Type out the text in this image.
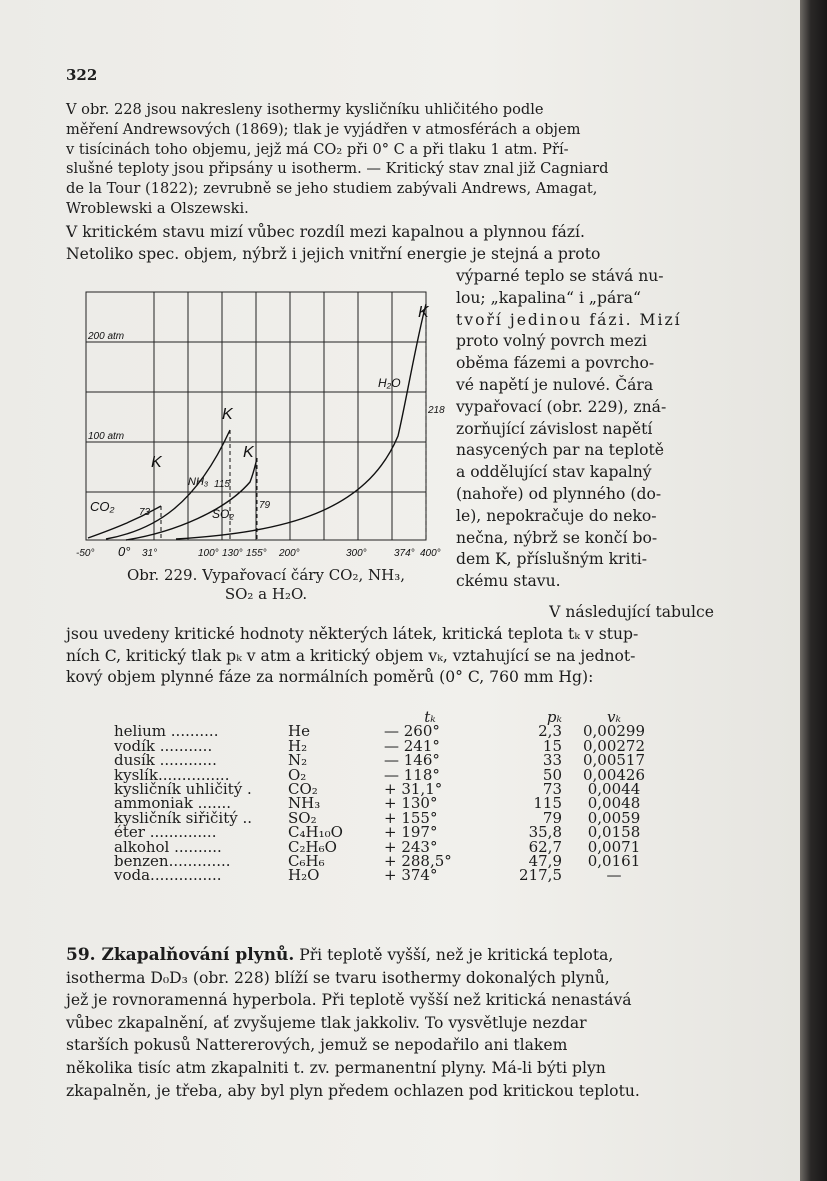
322
V obr. 228 jsou nakresleny isothermy kysličníku uhličitého podle
měření Andrewsových (1869); tlak je vyjádřen v atmosférách a objem
v tisícinách toho objemu, jejž má CO₂ při 0° C a při tlaku 1 atm. Pří-
slušné teploty jsou připsány u isotherm. — Kritický stav znal již Cagniard
de la Tour (1822); zevrubně se jeho studiem zabývali Andrews, Amagat,
Wroblewski a Olszewski.
V kritickém stavu mizí vůbec rozdíl mezi kapalnou a plynnou fází.
Netoliko spec. objem, nýbrž i jejich vnitřní energie je stejná a proto
výparné teplo se stává nu-
lou; „kapalina“ i „pára“
tvoří jedinou fázi. Mizí
proto volný povrch mezi
oběma fázemi a povrcho-
vé napětí je nulové. Čára
vypařovací (obr. 229), zná-
zorňující závislost napětí
nasycených par na teplotě
a oddělující stav kapalný
(nahoře) od plynného (do-
le), nepokračuje do neko-
nečna, nýbrž se končí bo-
dem K, příslušným kriti-
ckému stavu.
200 atm
100 atm
CO₂
NH₃
SO₂
H₂O
K
K
K
K
73
115
79
218
-50° 0° 31°	100° 130° 155° 200°	300°	374° 400°
Obr. 229. Vypařovací čáry CO₂, NH₃,
SO₂ a H₂O.
V následující tabulce
jsou uvedeny kritické hodnoty některých látek, kritická teplota tₖ v stup-
ních C, kritický tlak pₖ v atm a kritický objem vₖ, vztahující se na jednot-
kový objem plynné fáze za normálních poměrů (0° C, 760 mm Hg):
		tₖ	pₖ	vₖ
helium ..........	He	— 260°	2,3	0,00299
vodík ...........	H₂	— 241°	15	0,00272
dusík ............	N₂	— 146°	33	0,00517
kyslík...............	O₂	— 118°	50	0,00426
kysličník uhličitý .	CO₂	+ 31,1°	73	0,0044
ammoniak .......	NH₃	+ 130°	115	0,0048
kysličník siřičitý ..	SO₂	+ 155°	79	0,0059
éter ..............	C₄H₁₀O	+ 197°	35,8	0,0158
alkohol ..........	C₂H₆O	+ 243°	62,7	0,0071
benzen.............	C₆H₆	+ 288,5°	47,9	0,0161
voda...............	H₂O	+ 374°	217,5	—
59. Zkapalňování plynů. Při teplotě vyšší, než je kritická teplota,
isotherma D₀D₃ (obr. 228) blíží se tvaru isothermy dokonalých plynů,
jež je rovnoramenná hyperbola. Při teplotě vyšší než kritická nenastává
vůbec zkapalnění, ať zvyšujeme tlak jakkoliv. To vysvětluje nezdar
starších pokusů Nattererových, jemuž se nepodařilo ani tlakem
několika tisíc atm zkapalniti t. zv. permanentní plyny. Má-li býti plyn
zkapalněn, je třeba, aby byl plyn předem ochlazen pod kritickou teplotu.
